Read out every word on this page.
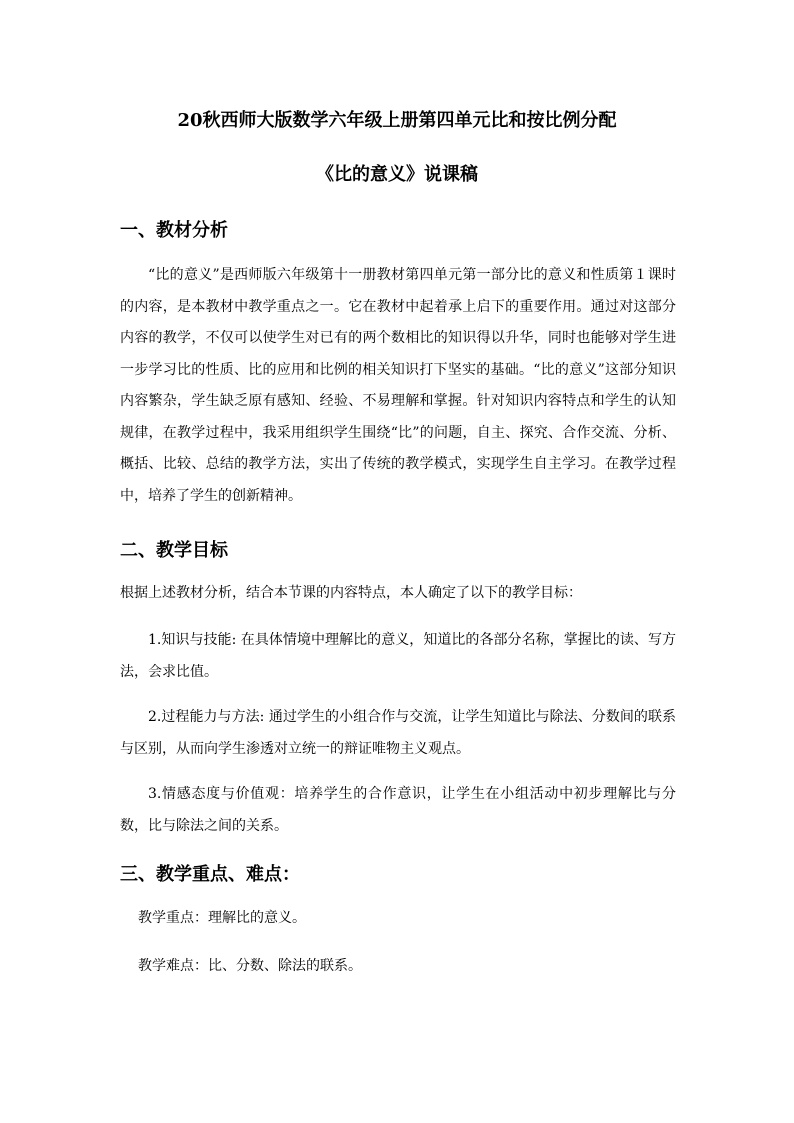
20秋西师大版数学六年级上册第四单元比和按比例分配
《比的意义》说课稿
一、教材分析
“比的意义”是西师版六年级第十一册教材第四单元第一部分比的意义和性质第１课时的内容，是本教材中教学重点之一。它在教材中起着承上启下的重要作用。通过对这部分内容的教学，不仅可以使学生对已有的两个数相比的知识得以升华，同时也能够对学生进一步学习比的性质、比的应用和比例的相关知识打下坚实的基础。“比的意义”这部分知识内容繁杂，学生缺乏原有感知、经验、不易理解和掌握。针对知识内容特点和学生的认知规律，在教学过程中，我采用组织学生围绕“比”的问题，自主、探究、合作交流、分析、概括、比较、总结的教学方法，实出了传统的教学模式，实现学生自主学习。在教学过程中，培养了学生的创新精神。
二、教学目标
根据上述教材分析，结合本节课的内容特点，本人确定了以下的教学目标：
1.知识与技能: 在具体情境中理解比的意义，知道比的各部分名称，掌握比的读、写方法，会求比值。
2.过程能力与方法: 通过学生的小组合作与交流，让学生知道比与除法、分数间的联系与区别，从而向学生渗透对立统一的辩证唯物主义观点。
3.情感态度与价值观：培养学生的合作意识，让学生在小组活动中初步理解比与分数，比与除法之间的关系。
三、教学重点、难点：
教学重点：理解比的意义。
教学难点：比、分数、除法的联系。
